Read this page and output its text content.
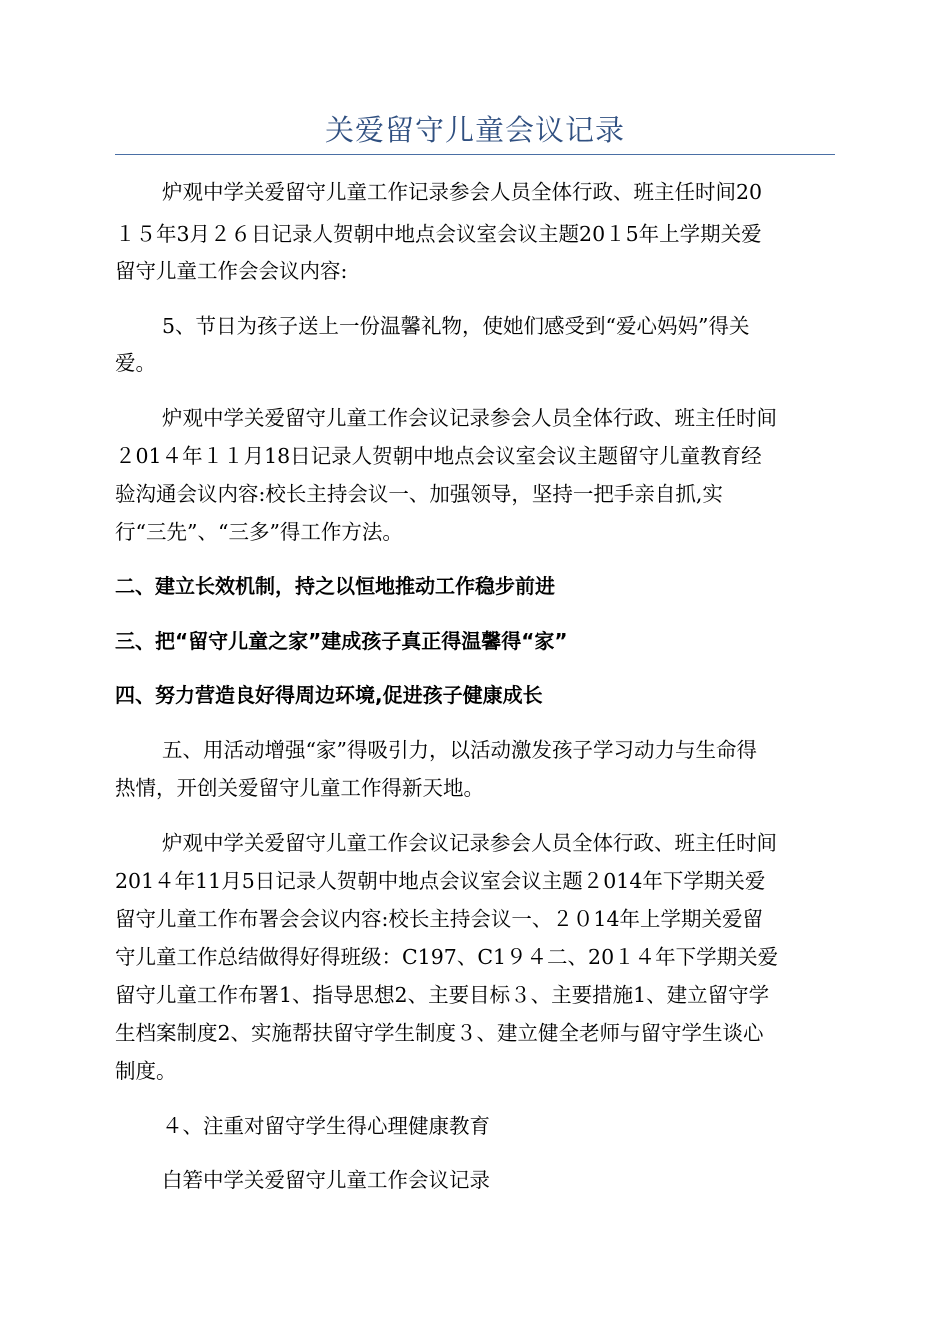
关爱留守儿童会议记录
炉观中学关爱留守儿童工作记录参会人员全体行政、班主任时间20
１５年3月２６日记录人贺朝中地点会议室会议主题20１5年上学期关爱
留守儿童工作会会议内容:
5、节日为孩子送上一份温馨礼物，使她们感受到“爱心妈妈”得关
爱。
炉观中学关爱留守儿童工作会议记录参会人员全体行政、班主任时间
２01４年１１月18日记录人贺朝中地点会议室会议主题留守儿童教育经
验沟通会议内容:校长主持会议一、加强领导，坚持一把手亲自抓,实
行“三先”、“三多”得工作方法。
二、建立长效机制，持之以恒地推动工作稳步前进
三、把“留守儿童之家”建成孩子真正得温馨得“家”
四、努力营造良好得周边环境,促进孩子健康成长
五、用活动增强“家”得吸引力，以活动激发孩子学习动力与生命得
热情，开创关爱留守儿童工作得新天地。
炉观中学关爱留守儿童工作会议记录参会人员全体行政、班主任时间
201４年11月5日记录人贺朝中地点会议室会议主题２014年下学期关爱
留守儿童工作布署会会议内容:校长主持会议一、２０14年上学期关爱留
守儿童工作总结做得好得班级：C197、C1９４二、20１４年下学期关爱
留守儿童工作布署1、指导思想2、主要目标３、主要措施1、建立留守学
生档案制度2、实施帮扶留守学生制度３、建立健全老师与留守学生谈心
制度。
４、注重对留守学生得心理健康教育
白箬中学关爱留守儿童工作会议记录
